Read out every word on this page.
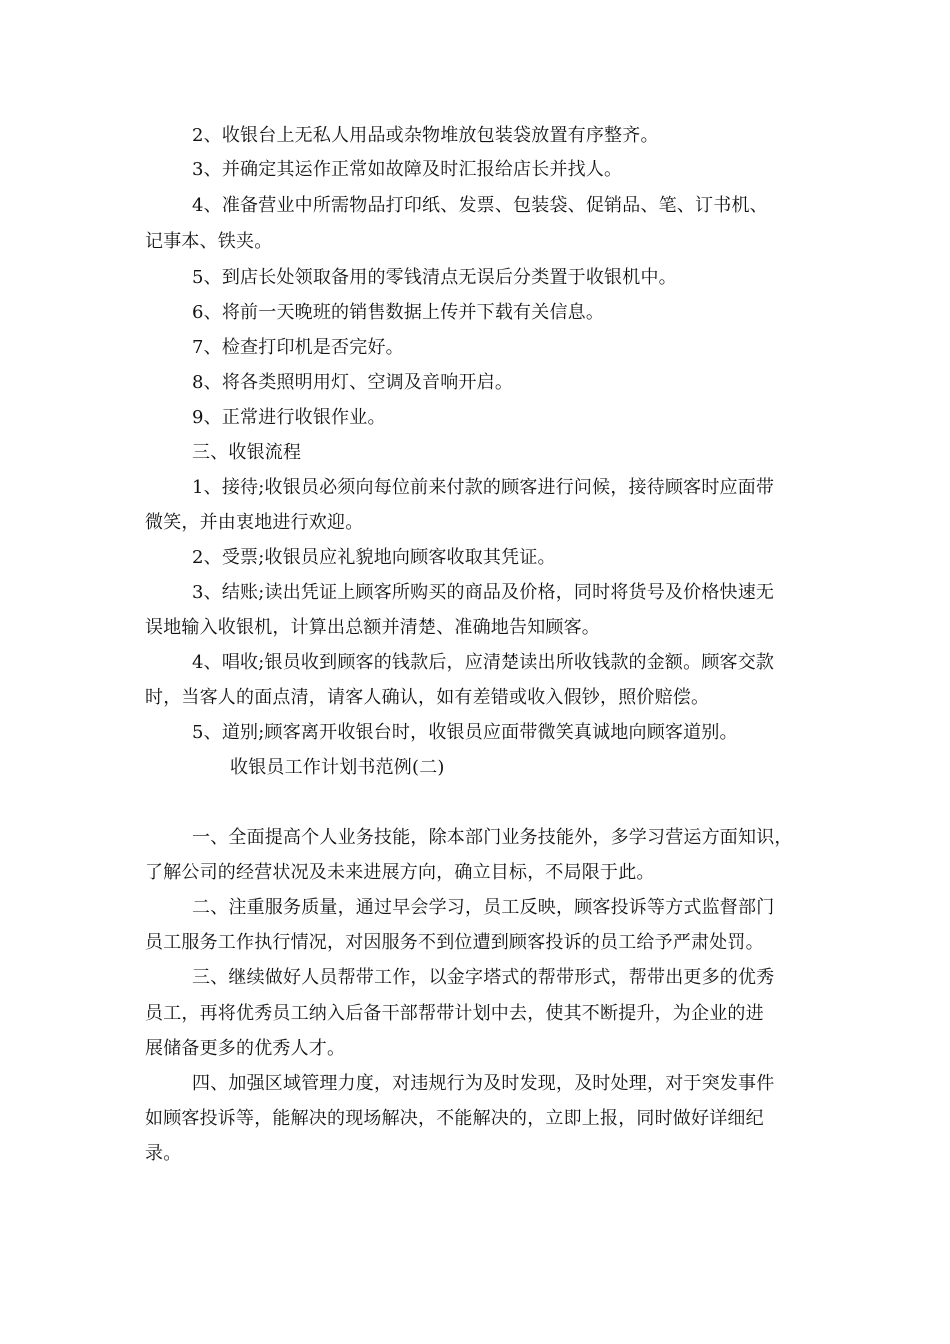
2、收银台上无私人用品或杂物堆放包装袋放置有序整齐。
3、并确定其运作正常如故障及时汇报给店长并找人。
4、准备营业中所需物品打印纸、发票、包装袋、促销品、笔、订书机、
记事本、铁夹。
5、到店长处领取备用的零钱清点无误后分类置于收银机中。
6、将前一天晚班的销售数据上传并下载有关信息。
7、检查打印机是否完好。
8、将各类照明用灯、空调及音响开启。
9、正常进行收银作业。
三、收银流程
1、接待;收银员必须向每位前来付款的顾客进行问候，接待顾客时应面带
微笑，并由衷地进行欢迎。
2、受票;收银员应礼貌地向顾客收取其凭证。
3、结账;读出凭证上顾客所购买的商品及价格，同时将货号及价格快速无
误地输入收银机，计算出总额并清楚、准确地告知顾客。
4、唱收;银员收到顾客的钱款后，应清楚读出所收钱款的金额。顾客交款
时，当客人的面点清，请客人确认，如有差错或收入假钞，照价赔偿。
5、道别;顾客离开收银台时，收银员应面带微笑真诚地向顾客道别。
收银员工作计划书范例(二)
一、全面提高个人业务技能，除本部门业务技能外，多学习营运方面知识，
了解公司的经营状况及未来进展方向，确立目标，不局限于此。
二、注重服务质量，通过早会学习，员工反映，顾客投诉等方式监督部门
员工服务工作执行情况，对因服务不到位遭到顾客投诉的员工给予严肃处罚。
三、继续做好人员帮带工作，以金字塔式的帮带形式，帮带出更多的优秀
员工，再将优秀员工纳入后备干部帮带计划中去，使其不断提升，为企业的进
展储备更多的优秀人才。
四、加强区域管理力度，对违规行为及时发现，及时处理，对于突发事件
如顾客投诉等，能解决的现场解决，不能解决的，立即上报，同时做好详细纪
录。
